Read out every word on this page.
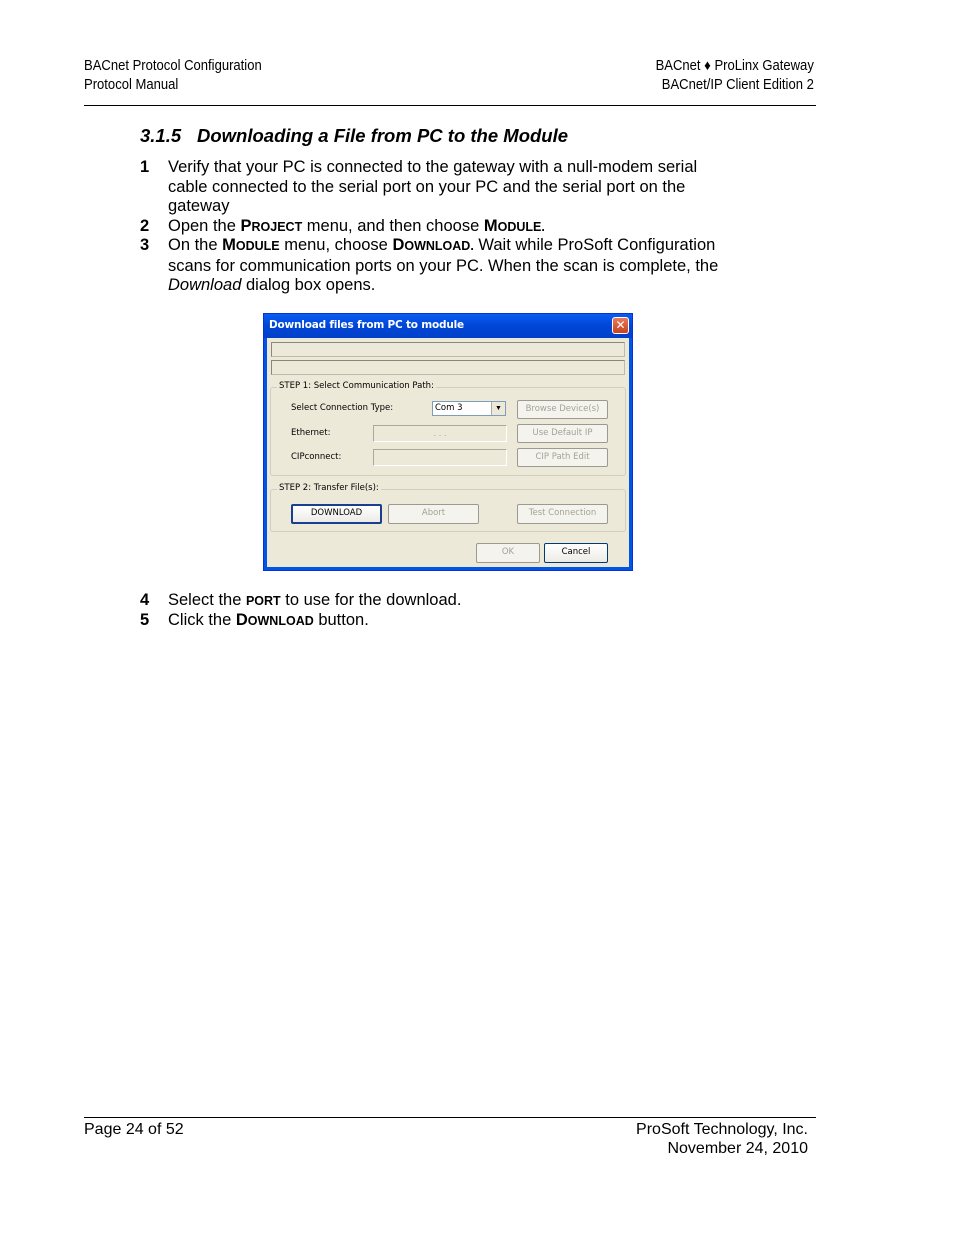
BACnet Protocol Configuration
Protocol Manual
BACnet ♦ ProLinx Gateway
BACnet/IP Client Edition 2
3.1.5 Downloading a File from PC to the Module
1 Verify that your PC is connected to the gateway with a null-modem serial cable connected to the serial port on your PC and the serial port on the gateway
2 Open the PROJECT menu, and then choose MODULE.
3 On the MODULE menu, choose DOWNLOAD. Wait while ProSoft Configuration scans for communication ports on your PC. When the scan is complete, the Download dialog box opens.
Download files from PC to module	✕
STEP 1: Select Communication Path:
Select Connection Type:	Com 3	▼	Browse Device(s)
Ethernet:	. . .	Use Default IP
CIPconnect:	CIP Path Edit
STEP 2: Transfer File(s):
DOWNLOAD	Abort	Test Connection
OK	Cancel
4 Select the PORT to use for the download.
5 Click the DOWNLOAD button.
Page 24 of 52	ProSoft Technology, Inc.
November 24, 2010
